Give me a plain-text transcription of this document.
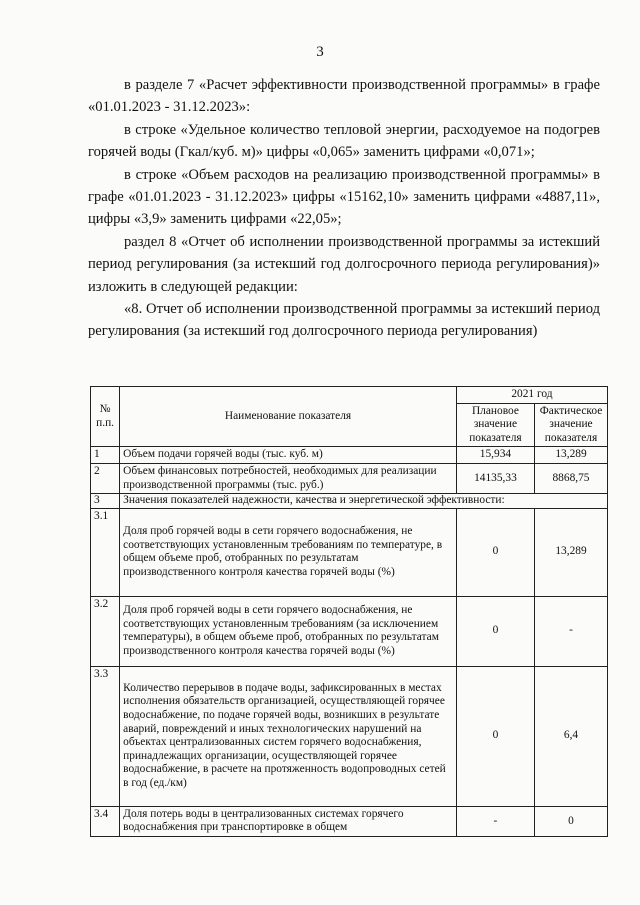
3

в разделе 7 «Расчет эффективности производственной программы» в графе «01.01.2023 - 31.12.2023»:

в строке «Удельное количество тепловой энергии, расходуемое на подогрев горячей воды (Гкал/куб. м)» цифры «0,065» заменить цифрами «0,071»;

в строке «Объем расходов на реализацию производственной программы» в графе «01.01.2023 - 31.12.2023» цифры «15162,10» заменить цифрами «4887,11», цифры «3,9» заменить цифрами «22,05»;

раздел 8 «Отчет об исполнении производственной программы за истекший период регулирования (за истекший год долгосрочного периода регулирования)» изложить в следующей редакции:

«8. Отчет об исполнении производственной программы за истекший период регулирования (за истекший год долгосрочного периода регулирования)

№ п.п.	Наименование показателя	2021 год	
		Плановое значение показателя	Фактическое значение показателя
1	Объем подачи горячей воды (тыс. куб. м)	15,934	13,289
2	Объем финансовых потребностей, необходимых для реализации производственной программы (тыс. руб.)	14135,33	8868,75
3	Значения показателей надежности, качества и энергетической эффективности:		
3.1	Доля проб горячей воды в сети горячего водоснабжения, не соответствующих установленным требованиям по температуре, в общем объеме проб, отобранных по результатам производственного контроля качества горячей воды (%)	0	13,289
3.2	Доля проб горячей воды в сети горячего водоснабжения, не соответствующих установленным требованиям (за исключением температуры), в общем объеме проб, отобранных по результатам производственного контроля качества горячей воды (%)	0	-
3.3	Количество перерывов в подаче воды, зафиксированных в местах исполнения обязательств организацией, осуществляющей горячее водоснабжение, по подаче горячей воды, возникших в результате аварий, повреждений и иных технологических нарушений на объектах централизованных систем горячего водоснабжения, принадлежащих организации, осуществляющей горячее водоснабжение, в расчете на протяженность водопроводных сетей в год (ед./км)	0	6,4
3.4	Доля потерь воды в централизованных системах горячего водоснабжения при транспортировке в общем	-	0
